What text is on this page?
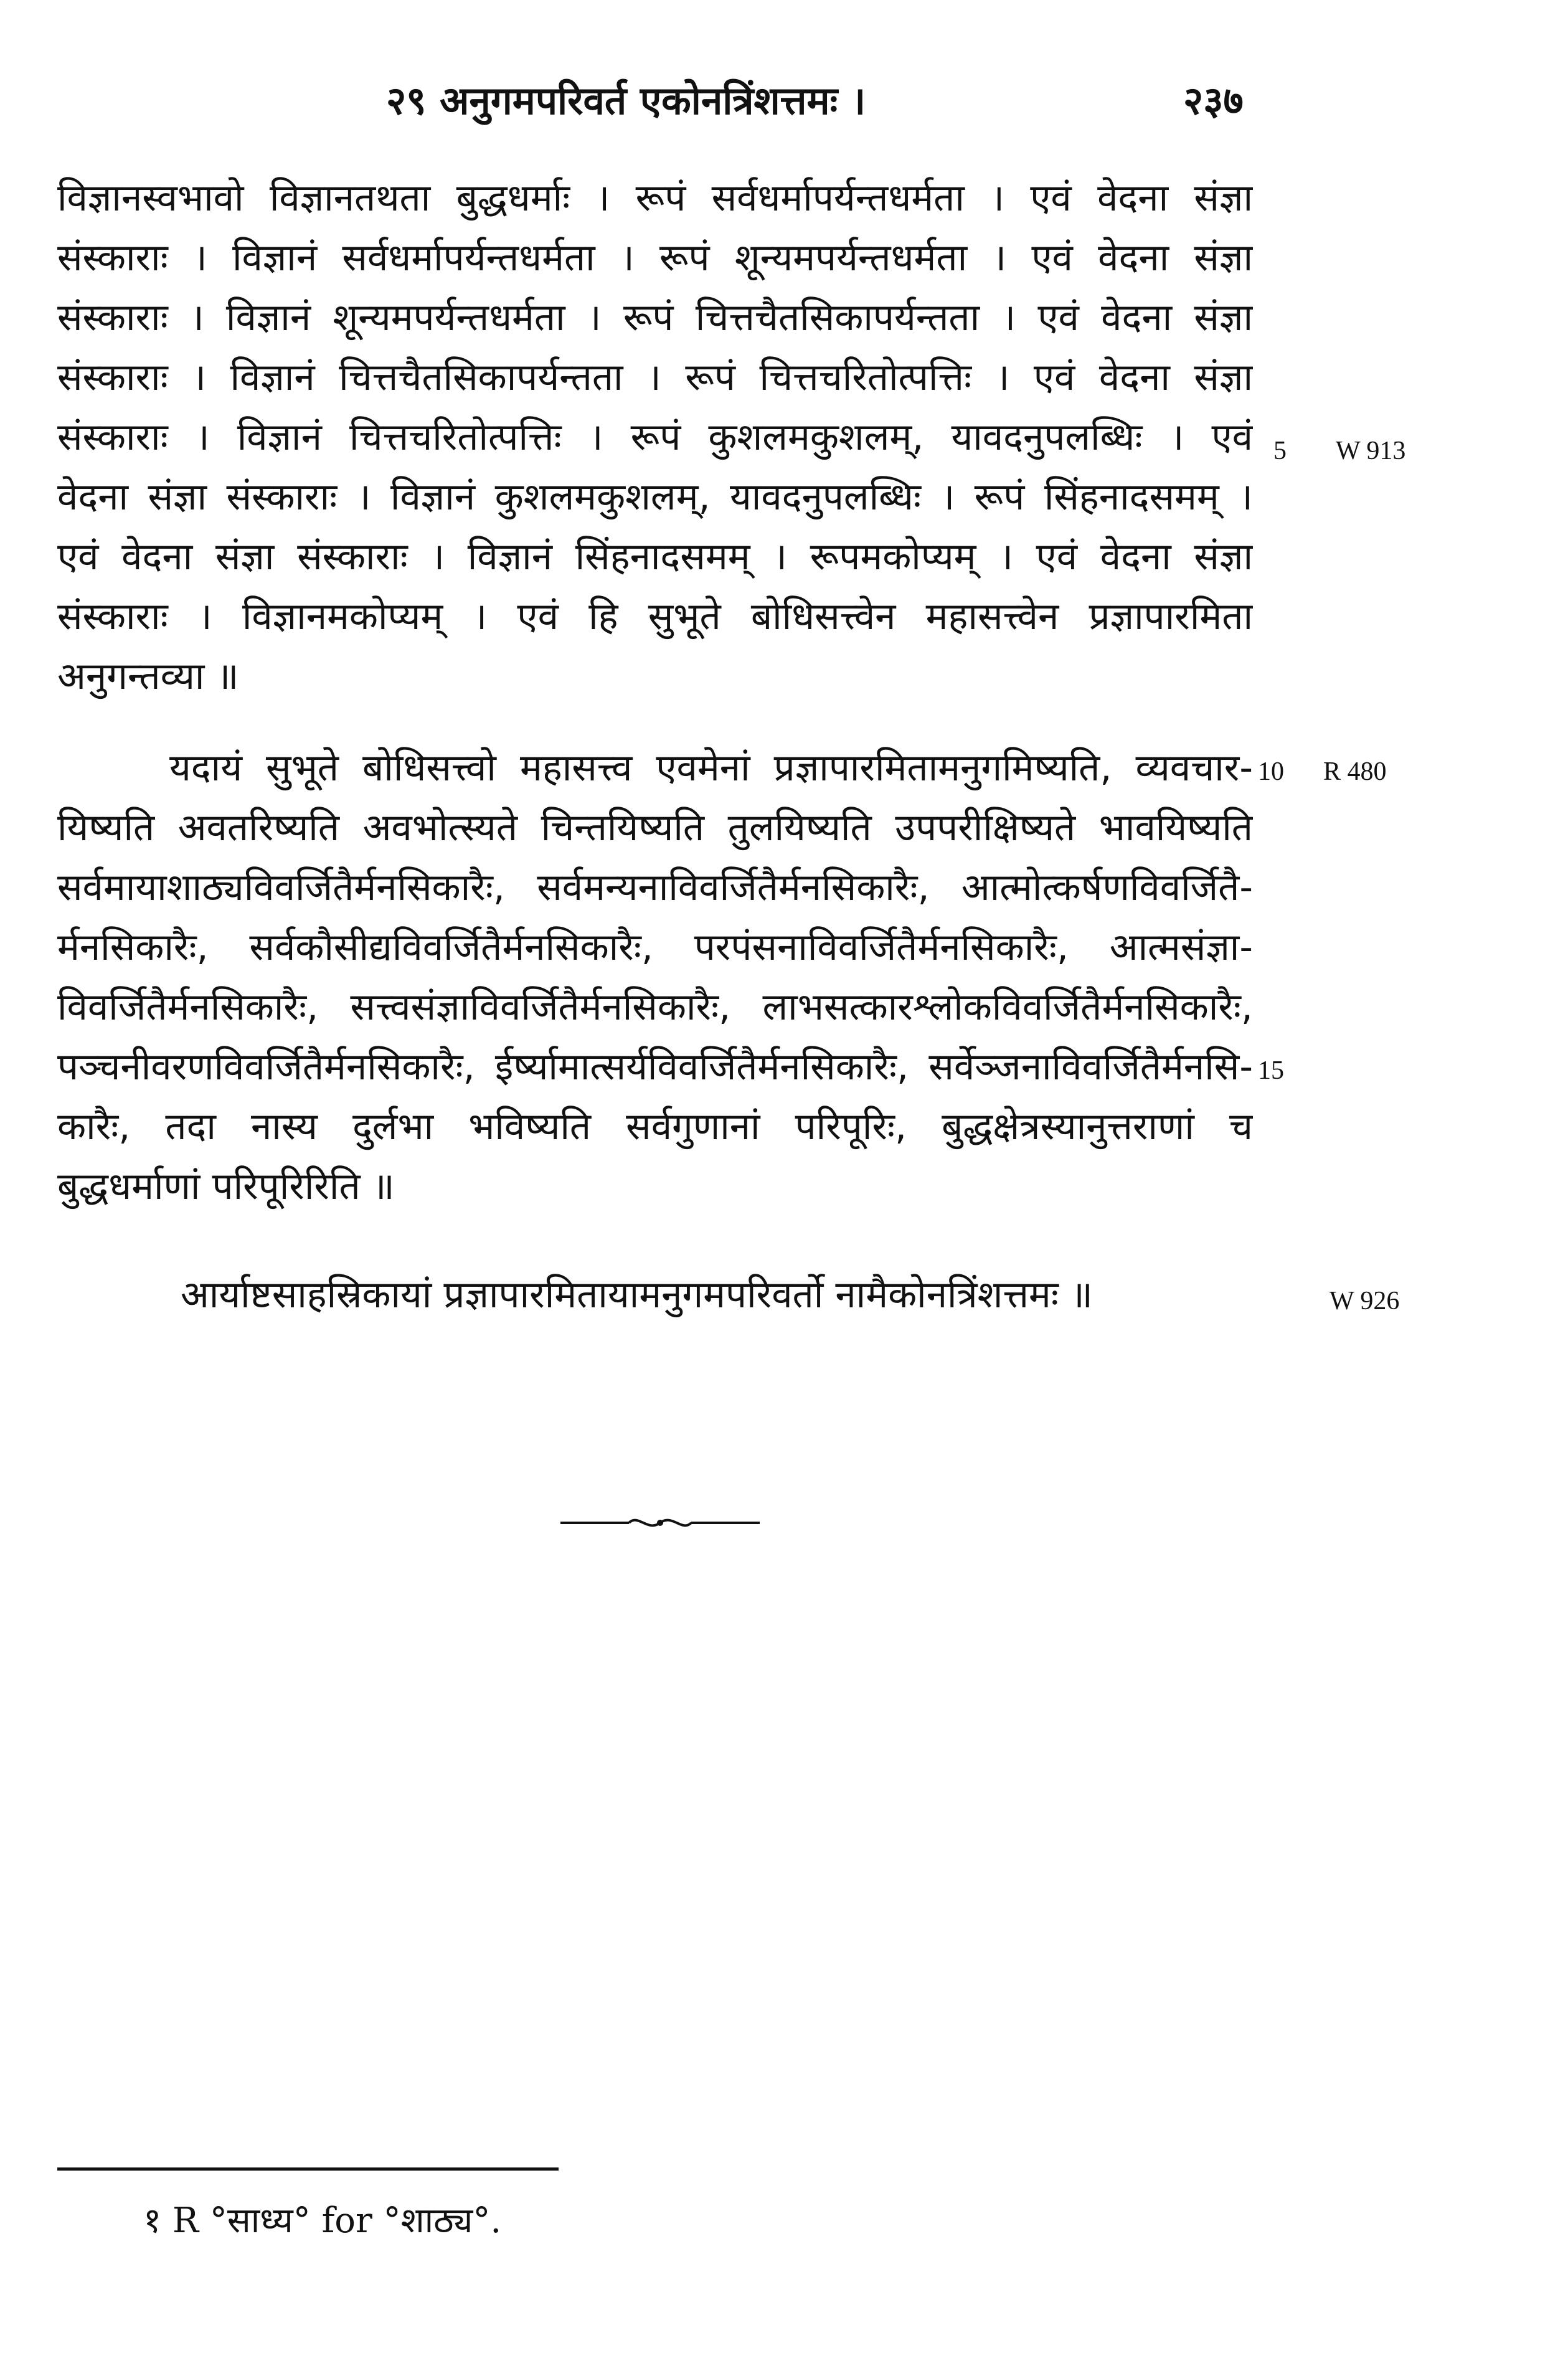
२९ अनुगमपरिवर्त एकोनत्रिंशत्तमः ।	२३७
विज्ञानस्वभावो विज्ञानतथता बुद्धधर्माः । रूपं सर्वधर्मापर्यन्तधर्मता । एवं वेदना संज्ञा
संस्काराः । विज्ञानं सर्वधर्मापर्यन्तधर्मता । रूपं शून्यमपर्यन्तधर्मता । एवं वेदना संज्ञा
संस्काराः । विज्ञानं शून्यमपर्यन्तधर्मता । रूपं चित्तचैतसिकापर्यन्तता । एवं वेदना संज्ञा
संस्काराः । विज्ञानं चित्तचैतसिकापर्यन्तता । रूपं चित्तचरितोत्पत्तिः । एवं वेदना संज्ञा
संस्काराः । विज्ञानं चित्तचरितोत्पत्तिः । रूपं कुशलमकुशलम्, यावदनुपलब्धिः । एवं
वेदना संज्ञा संस्काराः । विज्ञानं कुशलमकुशलम्, यावदनुपलब्धिः । रूपं सिंहनादसमम् ।
एवं वेदना संज्ञा संस्काराः । विज्ञानं सिंहनादसमम् । रूपमकोप्यम् । एवं वेदना संज्ञा
संस्काराः । विज्ञानमकोप्यम् । एवं हि सुभूते बोधिसत्त्वेन महासत्त्वेन प्रज्ञापारमिता
अनुगन्तव्या ॥
यदायं सुभूते बोधिसत्त्वो महासत्त्व एवमेनां प्रज्ञापारमितामनुगमिष्यति, व्यवचार-
यिष्यति अवतरिष्यति अवभोत्स्यते चिन्तयिष्यति तुलयिष्यति उपपरीक्षिष्यते भावयिष्यति
सर्वमायाशाठ्यविवर्जितैर्मनसिकारैः, सर्वमन्यनाविवर्जितैर्मनसिकारैः, आत्मोत्कर्षणविवर्जितै-
र्मनसिकारैः, सर्वकौसीद्यविवर्जितैर्मनसिकारैः, परपंसनाविवर्जितैर्मनसिकारैः, आत्मसंज्ञा-
विवर्जितैर्मनसिकारैः, सत्त्वसंज्ञाविवर्जितैर्मनसिकारैः, लाभसत्कारश्लोकविवर्जितैर्मनसिकारैः,
पञ्चनीवरणविवर्जितैर्मनसिकारैः, ईर्ष्यामात्सर्यविवर्जितैर्मनसिकारैः, सर्वेञ्जनाविवर्जितैर्मनसि-
कारैः, तदा नास्य दुर्लभा भविष्यति सर्वगुणानां परिपूरिः, बुद्धक्षेत्रस्यानुत्तराणां च
बुद्धधर्माणां परिपूरिरिति ॥
आर्याष्टसाहस्रिकायां प्रज्ञापारमितायामनुगमपरिवर्तो नामैकोनत्रिंशत्तमः ॥
5
10
15
W 913
R 480
W 926
१ R °साध्य° for °शाठ्य°.
